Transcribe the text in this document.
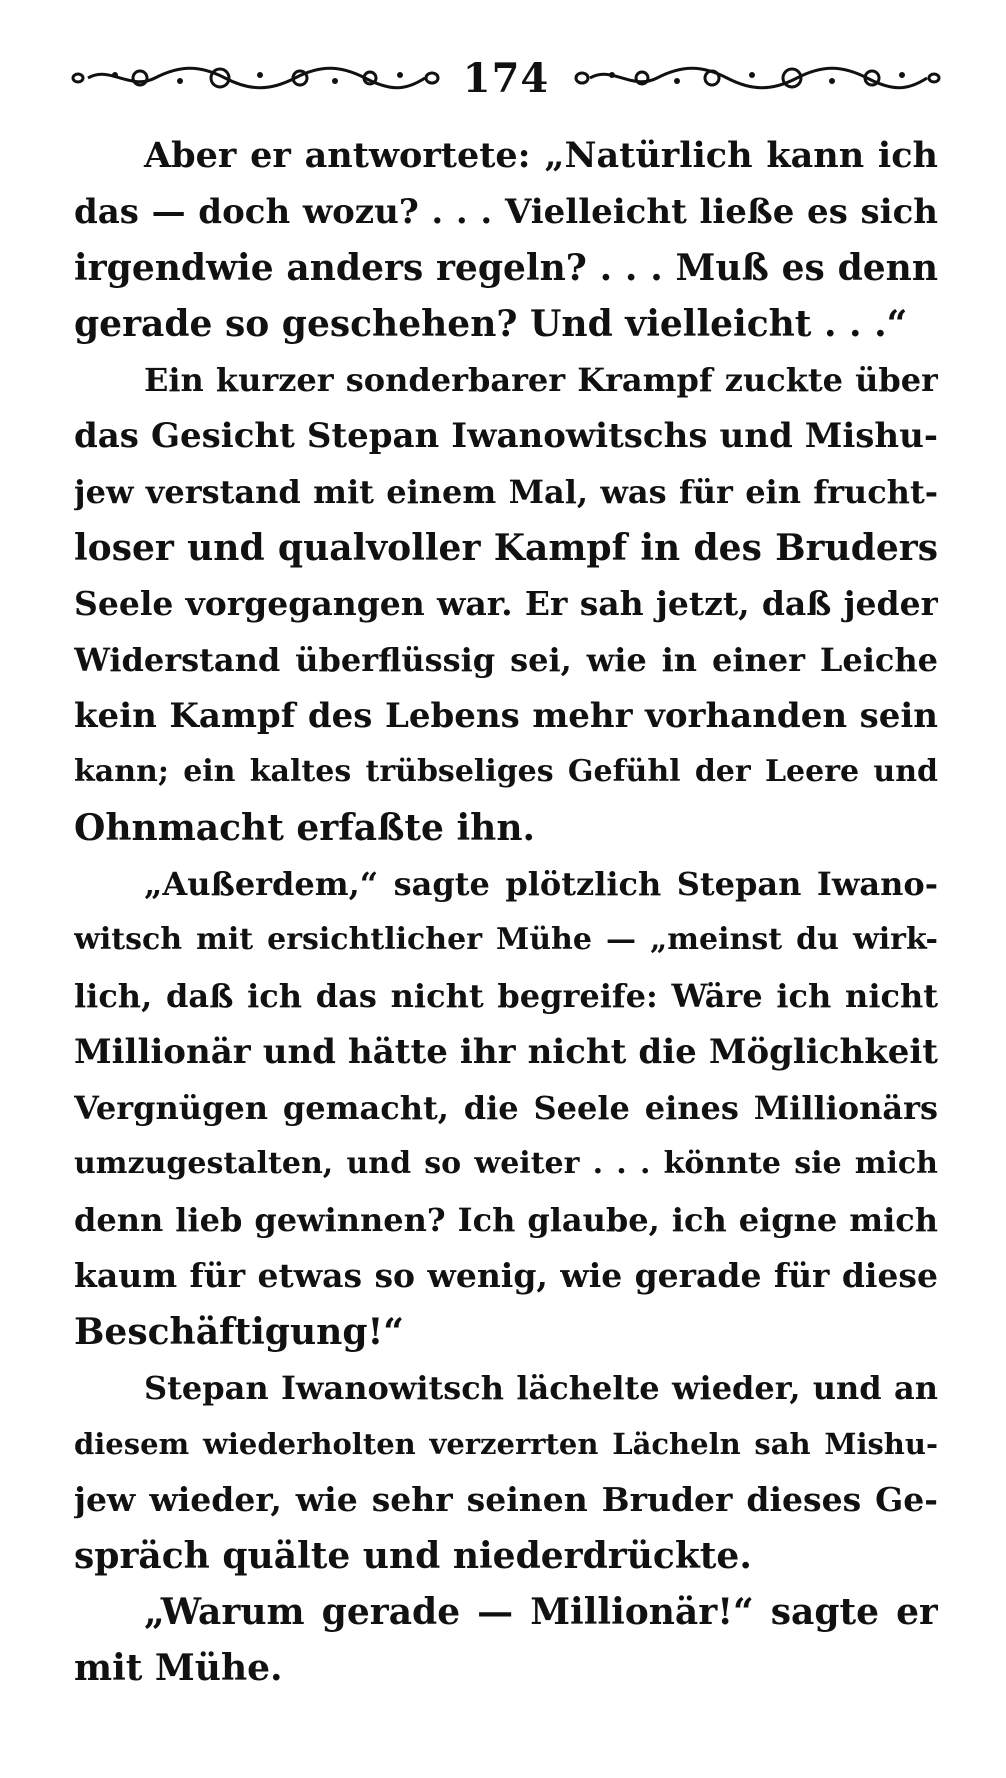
174
Aber er antwortete: „Natürlich kann ich
das — doch wozu? . . . Vielleicht ließe es sich
irgendwie anders regeln? . . . Muß es denn
gerade so geschehen? Und vielleicht . . .“
Ein kurzer sonderbarer Krampf zuckte über
das Gesicht Stepan Iwanowitschs und Mishu-
jew verstand mit einem Mal, was für ein frucht-
loser und qualvoller Kampf in des Bruders
Seele vorgegangen war. Er sah jetzt, daß jeder
Widerstand überflüssig sei, wie in einer Leiche
kein Kampf des Lebens mehr vorhanden sein
kann; ein kaltes trübseliges Gefühl der Leere und
Ohnmacht erfaßte ihn.
„Außerdem,“ sagte plötzlich Stepan Iwano-
witsch mit ersichtlicher Mühe — „meinst du wirk-
lich, daß ich das nicht begreife: Wäre ich nicht
Millionär und hätte ihr nicht die Möglichkeit
Vergnügen gemacht, die Seele eines Millionärs
umzugestalten, und so weiter . . . könnte sie mich
denn lieb gewinnen? Ich glaube, ich eigne mich
kaum für etwas so wenig, wie gerade für diese
Beschäftigung!“
Stepan Iwanowitsch lächelte wieder, und an
diesem wiederholten verzerrten Lächeln sah Mishu-
jew wieder, wie sehr seinen Bruder dieses Ge-
spräch quälte und niederdrückte.
„Warum gerade — Millionär!“ sagte er
mit Mühe.
